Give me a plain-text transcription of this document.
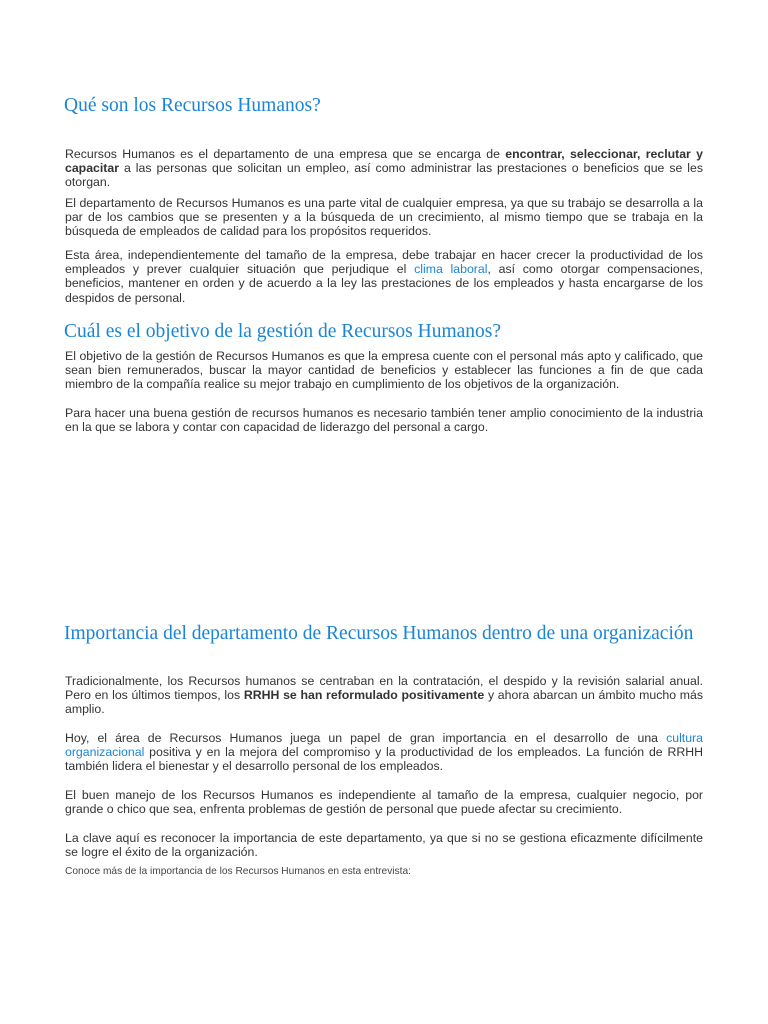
Qué son los Recursos Humanos?

Recursos Humanos es el departamento de una empresa que se encarga de encontrar, seleccionar, reclutar y capacitar a las personas que solicitan un empleo, así como administrar las prestaciones o beneficios que se les otorgan.

El departamento de Recursos Humanos es una parte vital de cualquier empresa, ya que su trabajo se desarrolla a la par de los cambios que se presenten y a la búsqueda de un crecimiento, al mismo tiempo que se trabaja en la búsqueda de empleados de calidad para los propósitos requeridos.

Esta área, independientemente del tamaño de la empresa, debe trabajar en hacer crecer la productividad de los empleados y prever cualquier situación que perjudique el clima laboral, así como otorgar compensaciones, beneficios, mantener en orden y de acuerdo a la ley las prestaciones de los empleados y hasta encargarse de los despidos de personal.

Cuál es el objetivo de la gestión de Recursos Humanos?

El objetivo de la gestión de Recursos Humanos es que la empresa cuente con el personal más apto y calificado, que sean bien remunerados, buscar la mayor cantidad de beneficios y establecer las funciones a fin de que cada miembro de la compañía realice su mejor trabajo en cumplimiento de los objetivos de la organización.

Para hacer una buena gestión de recursos humanos es necesario también tener amplio conocimiento de la industria en la que se labora y contar con capacidad de liderazgo del personal a cargo.

Importancia del departamento de Recursos Humanos dentro de una organización

Tradicionalmente, los Recursos humanos se centraban en la contratación, el despido y la revisión salarial anual. Pero en los últimos tiempos, los RRHH se han reformulado positivamente y ahora abarcan un ámbito mucho más amplio.

Hoy, el área de Recursos Humanos juega un papel de gran importancia en el desarrollo de una cultura organizacional positiva y en la mejora del compromiso y la productividad de los empleados. La función de RRHH también lidera el bienestar y el desarrollo personal de los empleados.

El buen manejo de los Recursos Humanos es independiente al tamaño de la empresa, cualquier negocio, por grande o chico que sea, enfrenta problemas de gestión de personal que puede afectar su crecimiento.

La clave aquí es reconocer la importancia de este departamento, ya que si no se gestiona eficazmente difícilmente se logre el éxito de la organización.

Conoce más de la importancia de los Recursos Humanos en esta entrevista:
